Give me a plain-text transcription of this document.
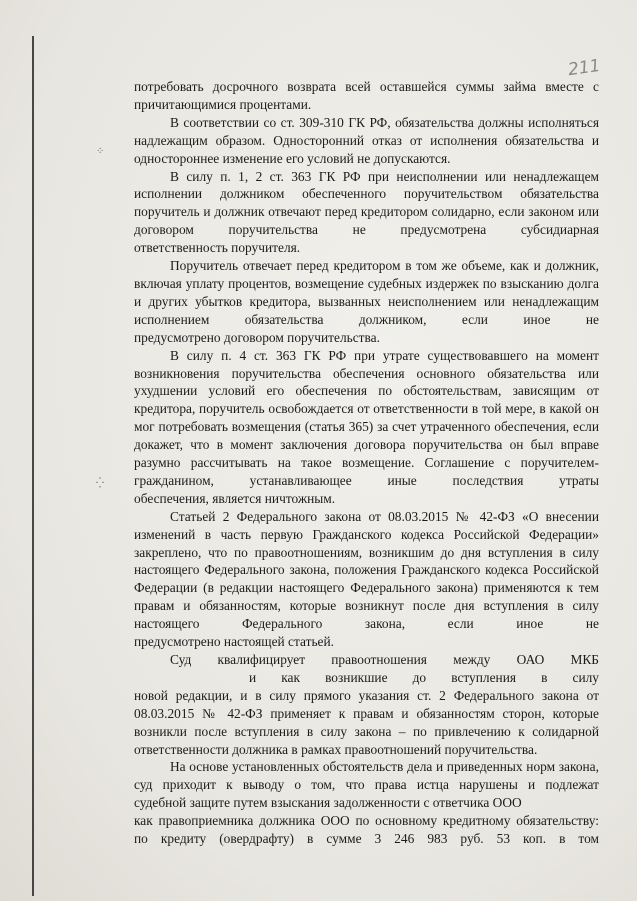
⁘
⁛
211

потребовать досрочного возврата всей оставшейся суммы займа вместе с

причитающимися процентами.

В соответствии со ст. 309-310 ГК РФ, обязательства должны исполняться надлежащим образом. Односторонний отказ от исполнения обязательства и

одностороннее изменение его условий не допускаются.

В силу п. 1, 2 ст. 363 ГК РФ при неисполнении или ненадлежащем исполнении должником обеспеченного поручительством обязательства поручитель и должник отвечают перед кредитором солидарно, если законом или договором поручительства не предусмотрена субсидиарная

ответственность поручителя.

Поручитель отвечает перед кредитором в том же объеме, как и должник, включая уплату процентов, возмещение судебных издержек по взысканию долга и других убытков кредитора, вызванных неисполнением или ненадлежащим исполнением обязательства должником, если иное не

предусмотрено договором поручительства.

В силу п. 4 ст. 363 ГК РФ при утрате существовавшего на момент возникновения поручительства обеспечения основного обязательства или ухудшении условий его обеспечения по обстоятельствам, зависящим от кредитора, поручитель освобождается от ответственности в той мере, в какой он мог потребовать возмещения (статья 365) за счет утраченного обеспечения, если докажет, что в момент заключения договора поручительства он был вправе разумно рассчитывать на такое возмещение. Соглашение с поручителем-гражданином, устанавливающее иные последствия утраты

обеспечения, является ничтожным.

Статьей 2 Федерального закона от 08.03.2015 № 42-ФЗ «О внесении изменений в часть первую Гражданского кодекса Российской Федерации» закреплено, что по правоотношениям, возникшим до дня вступления в силу настоящего Федерального закона, положения Гражданского кодекса Российской Федерации (в редакции настоящего Федерального закона) применяются к тем правам и обязанностям, которые возникнут после дня вступления в силу настоящего Федерального закона, если иное не

предусмотрено настоящей статьей.

Суд квалифицирует правоотношения между ОАО МКБ

и как возникшие до вступления в силу

новой редакции, и в силу прямого указания ст. 2 Федерального закона от 08.03.2015 № 42-ФЗ применяет к правам и обязанностям сторон, которые возникли после вступления в силу закона – по привлечению к солидарной

ответственности должника в рамках правоотношений поручительства.

На основе установленных обстоятельств дела и приведенных норм закона, суд приходит к выводу о том, что права истца нарушены и подлежат

судебной защите путем взыскания задолженности с ответчика ООО

как правоприемника должника ООО по основному кредитному обязательству: по кредиту (овердрафту) в сумме 3 246 983 руб. 53 коп. в том
